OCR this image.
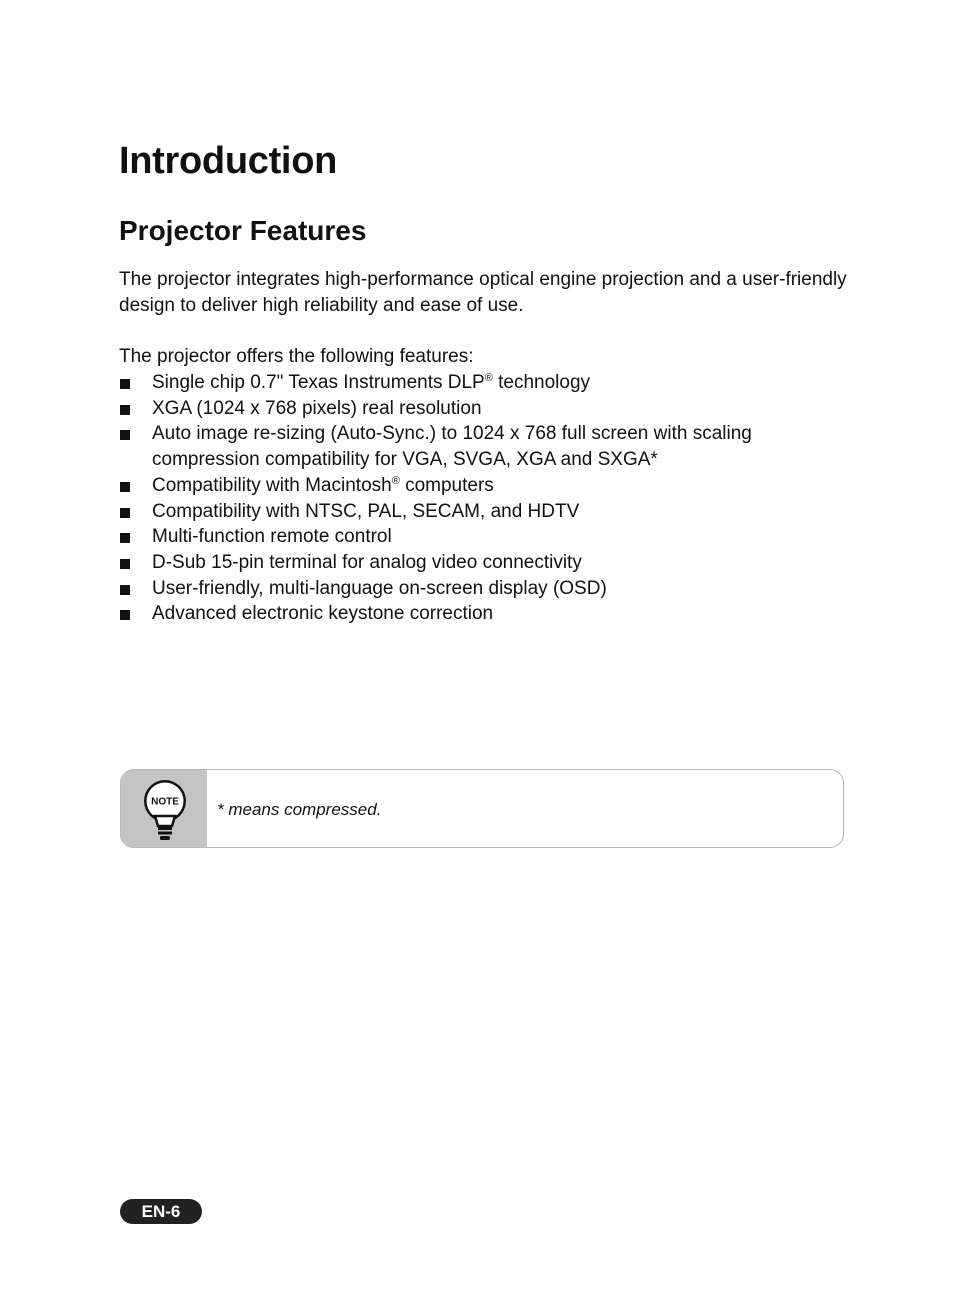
Introduction
Projector Features

The projector integrates high-performance optical engine projection and a user-friendly design to deliver high reliability and ease of use.

The projector offers the following features:

Single chip 0.7" Texas Instruments DLP® technology
XGA (1024 x 768 pixels) real resolution
Auto image re-sizing (Auto-Sync.) to 1024 x 768 full screen with scaling compression compatibility for VGA, SVGA, XGA and SXGA*
Compatibility with Macintosh® computers
Compatibility with NTSC, PAL, SECAM, and HDTV
Multi-function remote control
D-Sub 15-pin terminal for analog video connectivity
User-friendly, multi-language on-screen display (OSD)
Advanced electronic keystone correction
NOTE * means compressed.

EN-6
